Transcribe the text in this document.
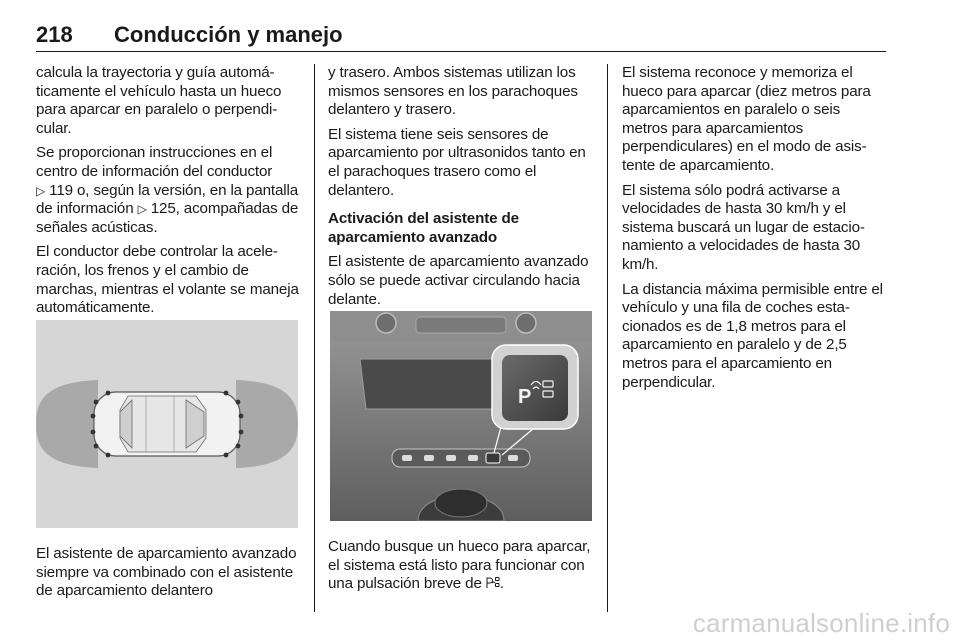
218 Conducción y manejo

calcula la trayectoria y guía automáticamente el vehículo hasta un hueco para aparcar en paralelo o perpendicular.

Se proporcionan instrucciones en el centro de información del conductor ▷ 119 o, según la versión, en la pantalla de información ▷ 125, acompañadas de señales acústicas.

El conductor debe controlar la aceleración, los frenos y el cambio de marchas, mientras el volante se maneja automáticamente.

El asistente de aparcamiento avanzado siempre va combinado con el asistente de aparcamiento delantero

y trasero. Ambos sistemas utilizan los mismos sensores en los parachoques delantero y trasero.

El sistema tiene seis sensores de aparcamiento por ultrasonidos tanto en el parachoques trasero como el delantero.

Activación del asistente de aparcamiento avanzado

El asistente de aparcamiento avanzado sólo se puede activar circulando hacia delante.

P

Cuando busque un hueco para aparcar, el sistema está listo para funcionar con una pulsación breve de .

El sistema reconoce y memoriza el hueco para aparcar (diez metros para aparcamientos en paralelo o seis metros para aparcamientos perpendiculares) en el modo de asistente de aparcamiento.

El sistema sólo podrá activarse a velocidades de hasta 30 km/h y el sistema buscará un lugar de estacionamiento a velocidades de hasta 30 km/h.

La distancia máxima permisible entre el vehículo y una fila de coches estacionados es de 1,8 metros para el aparcamiento en paralelo y de 2,5 metros para el aparcamiento en perpendicular.

carmanualsonline.info
